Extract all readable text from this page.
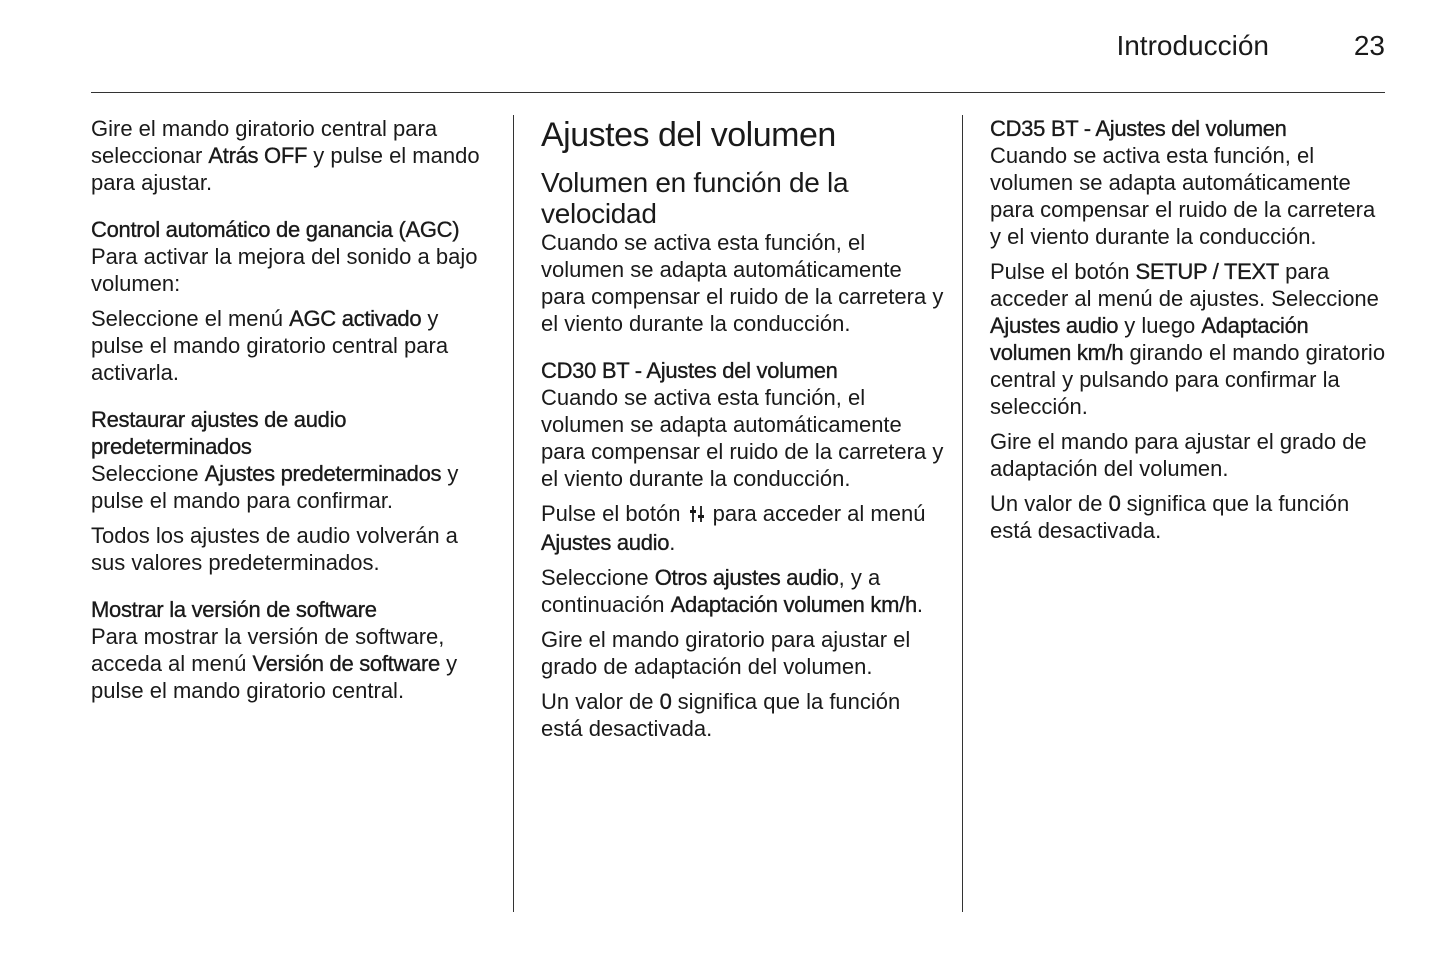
Introducción	23

Gire el mando giratorio central para seleccionar Atrás OFF y pulse el mando para ajustar.

Control automático de ganancia (AGC)

Para activar la mejora del sonido a bajo volumen:

Seleccione el menú AGC activado y pulse el mando giratorio central para activarla.

Restaurar ajustes de audio predeterminados

Seleccione Ajustes predeterminados y pulse el mando para confirmar.

Todos los ajustes de audio volverán a sus valores predeterminados.

Mostrar la versión de software

Para mostrar la versión de software, acceda al menú Versión de software y pulse el mando giratorio central.

Ajustes del volumen
Volumen en función de la velocidad

Cuando se activa esta función, el volumen se adapta automáticamente para compensar el ruido de la carretera y el viento durante la conducción.

CD30 BT - Ajustes del volumen

Cuando se activa esta función, el volumen se adapta automáticamente para compensar el ruido de la carretera y el viento durante la conducción.

Pulse el botón  para acceder al menú Ajustes audio.

Seleccione Otros ajustes audio, y a continuación Adaptación volumen km/h.

Gire el mando giratorio para ajustar el grado de adaptación del volumen.

Un valor de 0 significa que la función está desactivada.

CD35 BT - Ajustes del volumen

Cuando se activa esta función, el volumen se adapta automáticamente para compensar el ruido de la carretera y el viento durante la conducción.

Pulse el botón SETUP / TEXT para acceder al menú de ajustes. Seleccione Ajustes audio y luego Adaptación volumen km/h girando el mando giratorio central y pulsando para confirmar la selección.

Gire el mando para ajustar el grado de adaptación del volumen.

Un valor de 0 significa que la función está desactivada.
